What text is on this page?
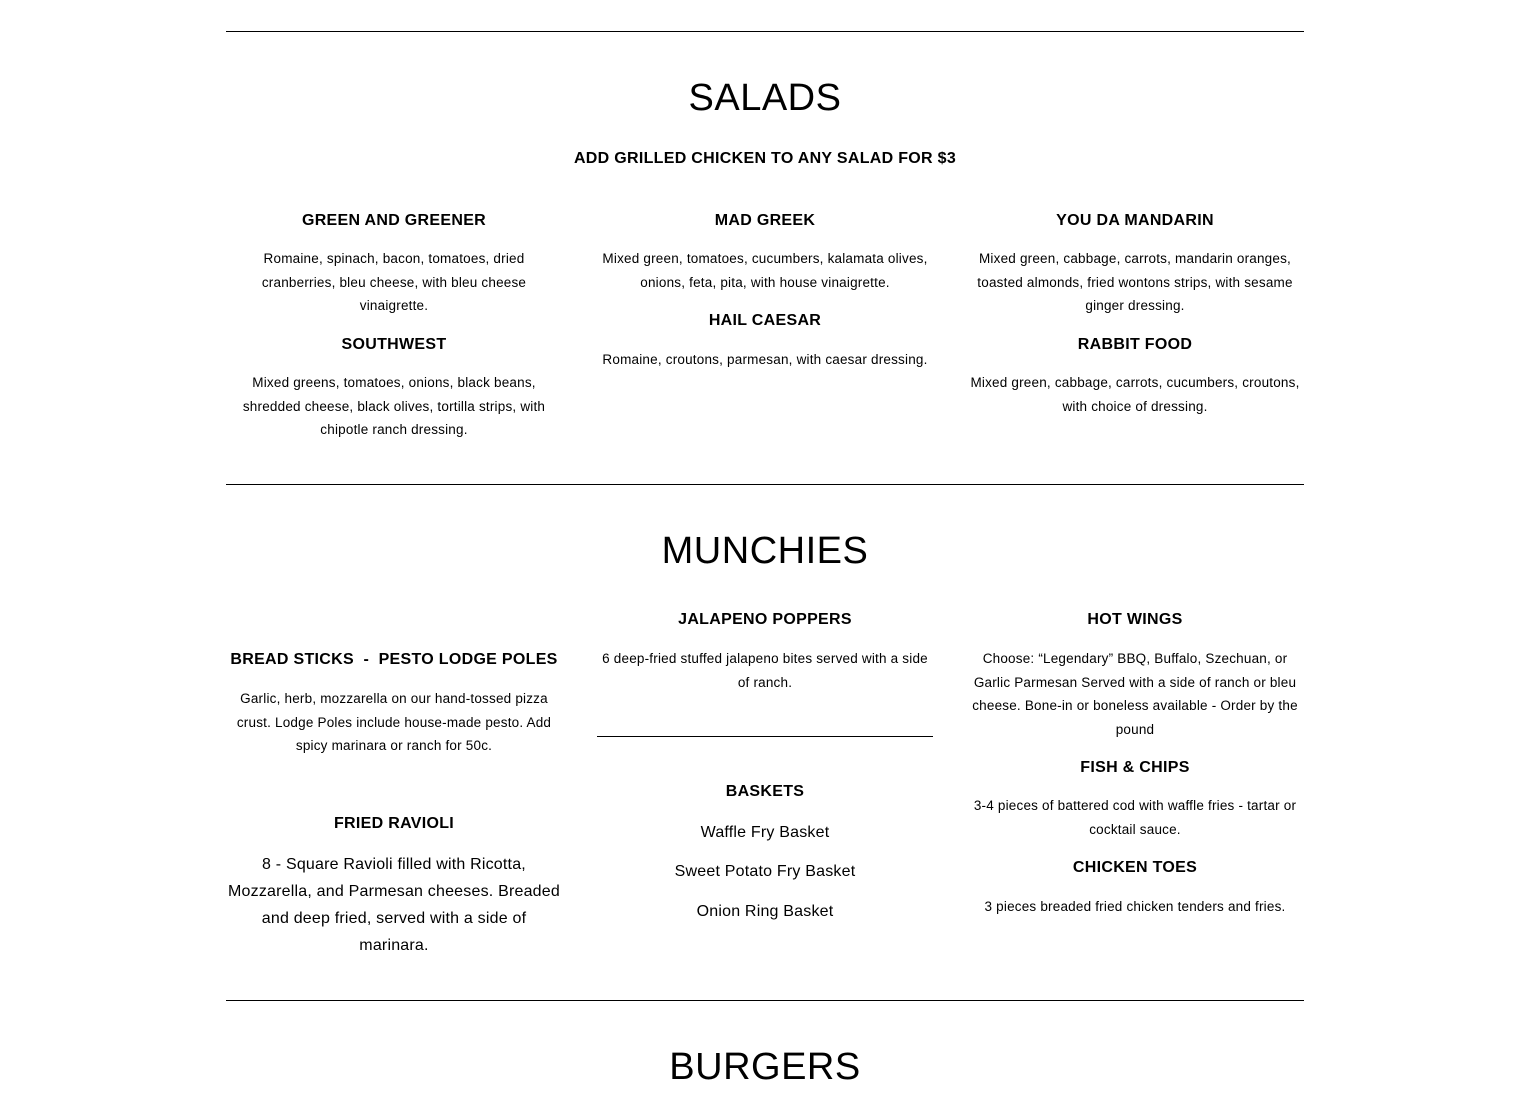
SALADS
ADD GRILLED CHICKEN TO ANY SALAD FOR $3
GREEN AND GREENER
Romaine, spinach, bacon, tomatoes, dried cranberries, bleu cheese, with bleu cheese vinaigrette.
MAD GREEK
Mixed green, tomatoes, cucumbers, kalamata olives, onions, feta, pita, with house vinaigrette.
YOU DA MANDARIN
Mixed green, cabbage, carrots, mandarin oranges, toasted almonds, fried wontons strips, with sesame ginger dressing.
SOUTHWEST
Mixed greens, tomatoes, onions, black beans, shredded cheese, black olives, tortilla strips, with chipotle ranch dressing.
HAIL CAESAR
Romaine, croutons, parmesan, with caesar dressing.
RABBIT FOOD
Mixed green, cabbage, carrots, cucumbers, croutons, with choice of dressing.
MUNCHIES
BREAD STICKS  -  PESTO LODGE POLES
Garlic, herb, mozzarella on our hand-tossed pizza crust. Lodge Poles include house-made pesto. Add spicy marinara or ranch for 50c.
FRIED RAVIOLI
8 - Square Ravioli filled with Ricotta, Mozzarella, and Parmesan cheeses. Breaded and deep fried, served with a side of marinara.
JALAPENO POPPERS
6 deep-fried stuffed jalapeno bites served with a side of ranch.
BASKETS
Waffle Fry Basket
Sweet Potato Fry Basket
Onion Ring Basket
HOT WINGS
Choose: “Legendary” BBQ, Buffalo, Szechuan, or Garlic Parmesan Served with a side of ranch or bleu cheese. Bone-in or boneless available - Order by the pound
FISH & CHIPS
3-4 pieces of battered cod with waffle fries - tartar or cocktail sauce.
CHICKEN TOES
3 pieces breaded fried chicken tenders and fries.
BURGERS
